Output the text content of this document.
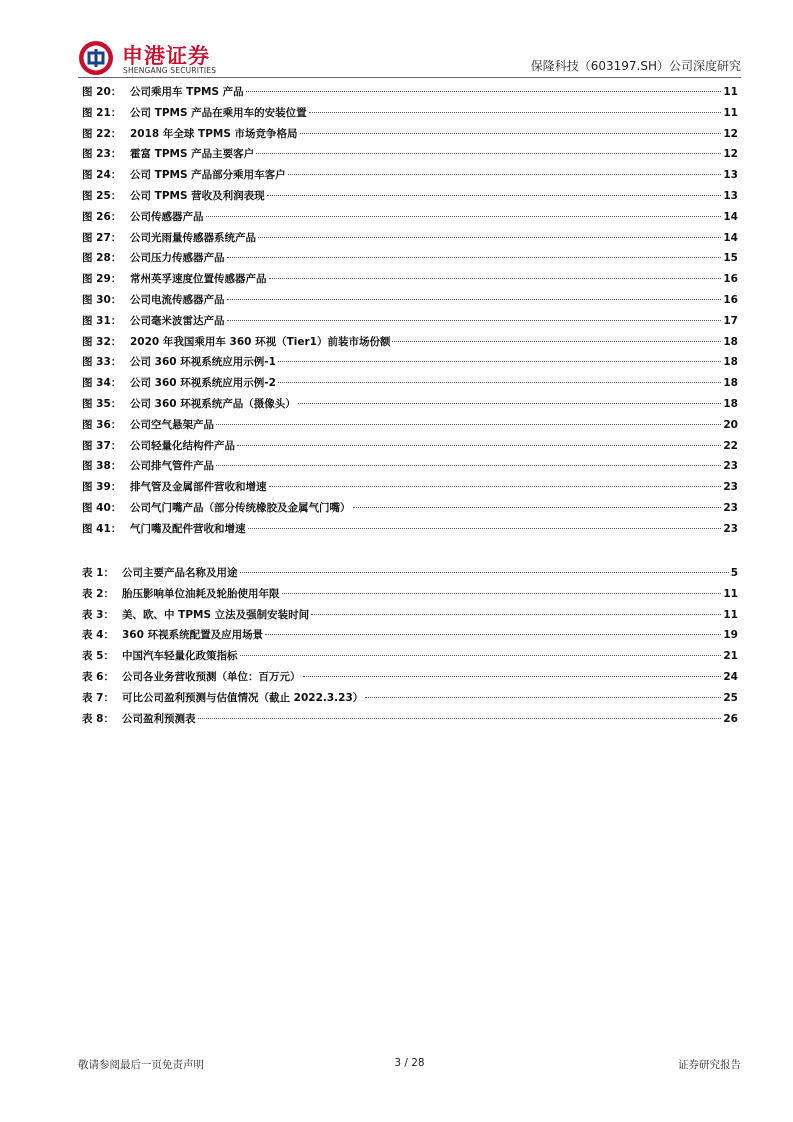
申港证券
SHENGANG SECURITIES	保隆科技（603197.SH）公司深度研究
图 20： 公司乘用车 TPMS 产品	11
图 21： 公司 TPMS 产品在乘用车的安装位置	11
图 22： 2018 年全球 TPMS 市场竞争格局	12
图 23： 霍富 TPMS 产品主要客户	12
图 24： 公司 TPMS 产品部分乘用车客户	13
图 25： 公司 TPMS 营收及利润表现	13
图 26： 公司传感器产品	14
图 27： 公司光雨量传感器系统产品	14
图 28： 公司压力传感器产品	15
图 29： 常州英孚速度位置传感器产品	16
图 30： 公司电流传感器产品	16
图 31： 公司毫米波雷达产品	17
图 32： 2020 年我国乘用车 360 环视（Tier1）前装市场份额	18
图 33： 公司 360 环视系统应用示例-1	18
图 34： 公司 360 环视系统应用示例-2	18
图 35： 公司 360 环视系统产品（摄像头）	18
图 36： 公司空气悬架产品	20
图 37： 公司轻量化结构件产品	22
图 38： 公司排气管件产品	23
图 39： 排气管及金属部件营收和增速	23
图 40： 公司气门嘴产品（部分传统橡胶及金属气门嘴）	23
图 41： 气门嘴及配件营收和增速	23
表 1： 公司主要产品名称及用途	5
表 2： 胎压影响单位油耗及轮胎使用年限	11
表 3： 美、欧、中 TPMS 立法及强制安装时间	11
表 4： 360 环视系统配置及应用场景	19
表 5： 中国汽车轻量化政策指标	21
表 6： 公司各业务营收预测（单位：百万元）	24
表 7： 可比公司盈利预测与估值情况（截止 2022.3.23）	25
表 8： 公司盈利预测表	26
敬请参阅最后一页免责声明	3 / 28	证券研究报告
